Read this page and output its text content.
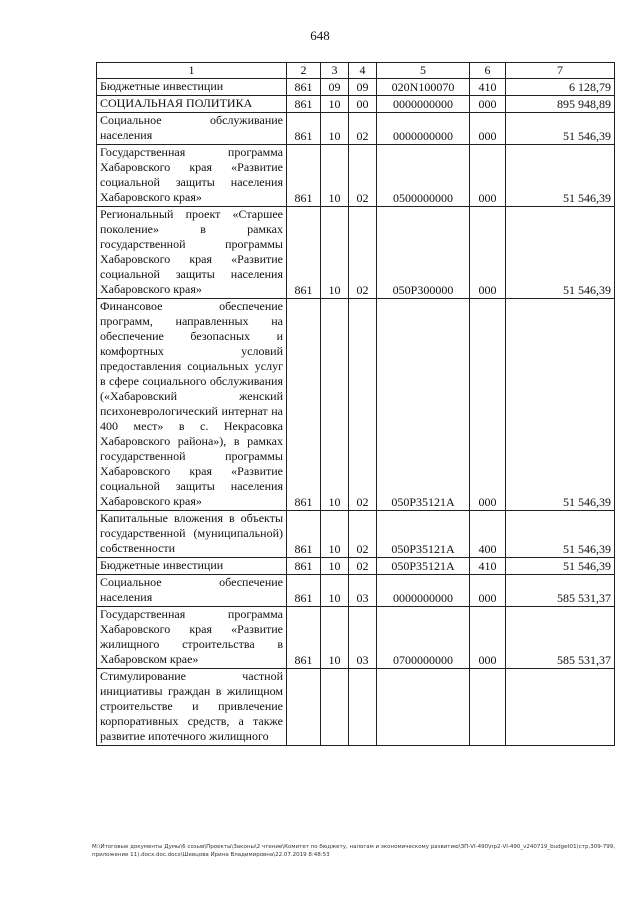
648
1	2	3	4	5	6	7
Бюджетные инвестиции	861	09	09	020N100070	410	6 128,79
СОЦИАЛЬНАЯ ПОЛИТИКА	861	10	00	0000000000	000	895 948,89
Социальное обслуживание населения	861	10	02	0000000000	000	51 546,39
Государственная программа Хабаровского края «Развитие социальной защиты населения Хабаровского края»	861	10	02	0500000000	000	51 546,39
Региональный проект «Старшее поколение» в рамках государственной программы Хабаровского края «Развитие социальной защиты населения Хабаровского края»	861	10	02	050P300000	000	51 546,39
Финансовое обеспечение программ, направленных на обеспечение безопасных и комфортных условий предоставления социальных услуг в сфере социального обслуживания («Хабаровский женский психоневрологический интернат на 400 мест» в с. Некрасовка Хабаровского района»), в рамках государственной программы Хабаровского края «Развитие социальной защиты населения Хабаровского края»	861	10	02	050P35121A	000	51 546,39
Капитальные вложения в объекты государственной (муниципальной) собственности	861	10	02	050P35121A	400	51 546,39
Бюджетные инвестиции	861	10	02	050P35121A	410	51 546,39
Социальное обеспечение населения	861	10	03	0000000000	000	585 531,37
Государственная программа Хабаровского края «Развитие жилищного строительства в Хабаровском крае»	861	10	03	0700000000	000	585 531,37
Стимулирование частной инициативы граждан в жилищном строительстве и привлечение корпоративных средств, а также развитие ипотечного жилищного						
M:\Итоговые документы Думы\6 созыв\Проекты\Законы\2 чтение\Комитет по бюджету, налогам и экономическому развитию\ЗП-VI-490\пр2-VI-490_v240719_budget01(стр.309-799, приложение 11).docx.doc.docx\Шевцова Ирина Владимировна\22.07.2019 8:48:53
